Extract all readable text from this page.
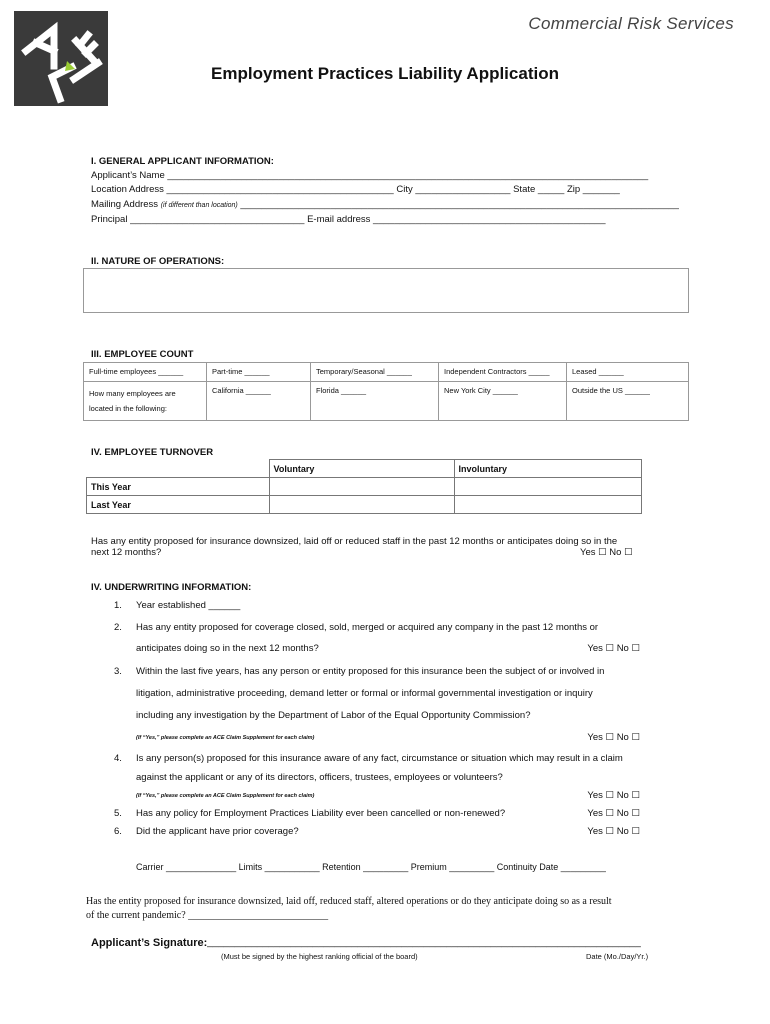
Commercial Risk Services
Employment Practices Liability Application
I. GENERAL APPLICANT INFORMATION:
Applicant’s Name ___________________________________________________________________________________________
Location Address ___________________________________________ City __________________ State _____ Zip _______
Mailing Address (if different than location) ___________________________________________________________________________________
Principal _________________________________ E-mail address ____________________________________________
II. NATURE OF OPERATIONS:
III. EMPLOYEE COUNT
Full-time employees ______	Part-time ______	Temporary/Seasonal ______	Independent Contractors _____	Leased ______
How many employees are located in the following:	California ______	Florida ______	New York City ______	Outside the US ______
IV. EMPLOYEE TURNOVER
	Voluntary	Involuntary
This Year		
Last Year		
Has any entity proposed for insurance downsized, laid off or reduced staff in the past 12 months or anticipates doing so in the
next 12 months?	Yes ☐ No ☐
IV. UNDERWRITING INFORMATION:
1. Year established ______
2. Has any entity proposed for coverage closed, sold, merged or acquired any company in the past 12 months or
anticipates doing so in the next 12 months?	Yes ☐ No ☐
3. Within the last five years, has any person or entity proposed for this insurance been the subject of or involved in
litigation, administrative proceeding, demand letter or formal or informal governmental investigation or inquiry
including any investigation by the Department of Labor of the Equal Opportunity Commission?
(If “Yes,” please complete an ACE Claim Supplement for each claim)	Yes ☐ No ☐
4. Is any person(s) proposed for this insurance aware of any fact, circumstance or situation which may result in a claim
against the applicant or any of its directors, officers, trustees, employees or volunteers?
(If “Yes,” please complete an ACE Claim Supplement for each claim)	Yes ☐ No ☐
5. Has any policy for Employment Practices Liability ever been cancelled or non-renewed?	Yes ☐ No ☐
6. Did the applicant have prior coverage?	Yes ☐ No ☐
Carrier ______________ Limits ___________ Retention _________ Premium _________ Continuity Date _________
Has the entity proposed for insurance downsized, laid off, reduced staff, altered operations or do they anticipate doing so as a result
of the current pandemic? ____________________________
Applicant’s Signature: ______________________________________________________________________________
(Must be signed by the highest ranking official of the board)	Date (Mo./Day/Yr.)
